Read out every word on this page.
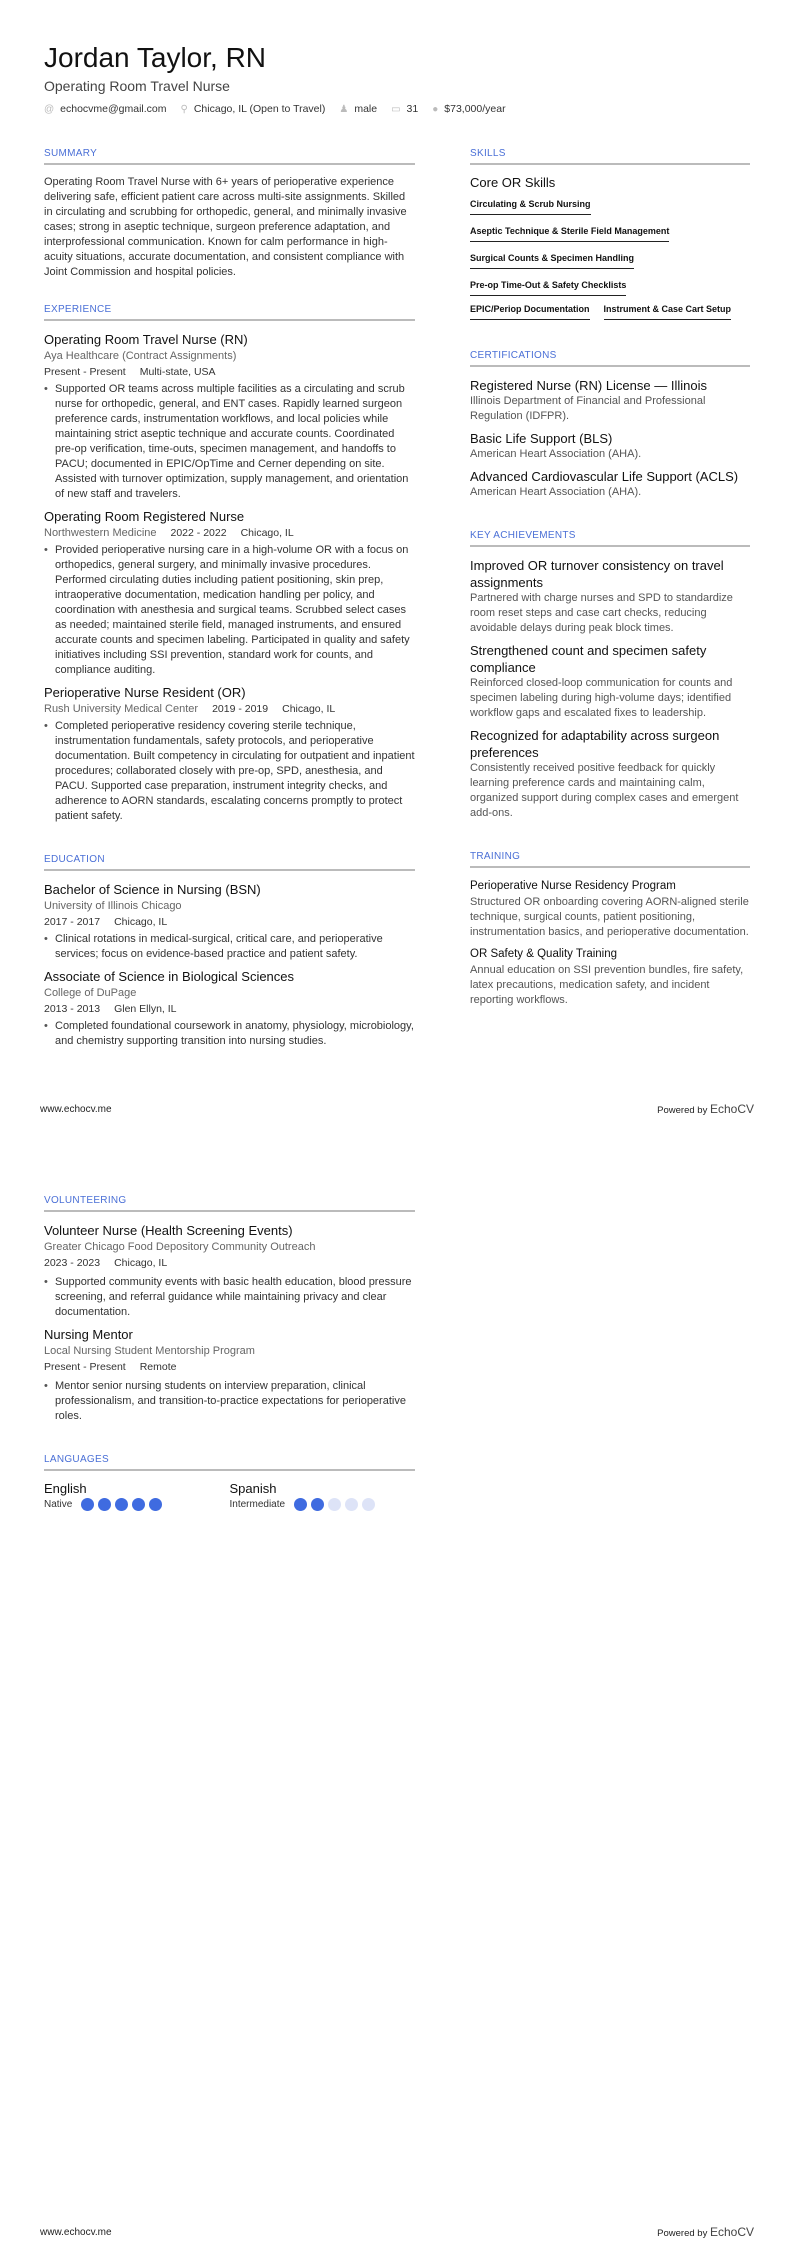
Jordan Taylor, RN
Operating Room Travel Nurse
@ echocvme@gmail.com ⚲ Chicago, IL (Open to Travel) ♟ male ▭ 31 ● $73,000/year
SUMMARY

Operating Room Travel Nurse with 6+ years of perioperative experience delivering safe, efficient patient care across multi-site assignments. Skilled in circulating and scrubbing for orthopedic, general, and minimally invasive cases; strong in aseptic technique, surgeon preference adaptation, and interprofessional communication. Known for calm performance in high-acuity situations, accurate documentation, and consistent compliance with Joint Commission and hospital policies.

EXPERIENCE
Operating Room Travel Nurse (RN)
Aya Healthcare (Contract Assignments)
Present - Present Multi-state, USA
• Supported OR teams across multiple facilities as a circulating and scrub nurse for orthopedic, general, and ENT cases. Rapidly learned surgeon preference cards, instrumentation workflows, and local policies while maintaining strict aseptic technique and accurate counts. Coordinated pre-op verification, time-outs, specimen management, and handoffs to PACU; documented in EPIC/OpTime and Cerner depending on site. Assisted with turnover optimization, supply management, and orientation of new staff and travelers.
Operating Room Registered Nurse
Northwestern Medicine 2022 - 2022 Chicago, IL
• Provided perioperative nursing care in a high-volume OR with a focus on orthopedics, general surgery, and minimally invasive procedures. Performed circulating duties including patient positioning, skin prep, intraoperative documentation, medication handling per policy, and coordination with anesthesia and surgical teams. Scrubbed select cases as needed; maintained sterile field, managed instruments, and ensured accurate counts and specimen labeling. Participated in quality and safety initiatives including SSI prevention, standard work for counts, and compliance auditing.
Perioperative Nurse Resident (OR)
Rush University Medical Center 2019 - 2019 Chicago, IL
• Completed perioperative residency covering sterile technique, instrumentation fundamentals, safety protocols, and perioperative documentation. Built competency in circulating for outpatient and inpatient procedures; collaborated closely with pre-op, SPD, anesthesia, and PACU. Supported case preparation, instrument integrity checks, and adherence to AORN standards, escalating concerns promptly to protect patient safety.
EDUCATION
Bachelor of Science in Nursing (BSN)
University of Illinois Chicago
2017 - 2017 Chicago, IL
• Clinical rotations in medical-surgical, critical care, and perioperative services; focus on evidence-based practice and patient safety.
Associate of Science in Biological Sciences
College of DuPage
2013 - 2013 Glen Ellyn, IL
• Completed foundational coursework in anatomy, physiology, microbiology, and chemistry supporting transition into nursing studies.
SKILLS
Core OR Skills
Circulating & Scrub Nursing
Aseptic Technique & Sterile Field Management
Surgical Counts & Specimen Handling
Pre-op Time-Out & Safety Checklists
EPIC/Periop Documentation Instrument & Case Cart Setup
CERTIFICATIONS
Registered Nurse (RN) License — Illinois
Illinois Department of Financial and Professional Regulation (IDFPR).
Basic Life Support (BLS)
American Heart Association (AHA).
Advanced Cardiovascular Life Support (ACLS)
American Heart Association (AHA).
KEY ACHIEVEMENTS
Improved OR turnover consistency on travel assignments
Partnered with charge nurses and SPD to standardize room reset steps and case cart checks, reducing avoidable delays during peak block times.
Strengthened count and specimen safety compliance
Reinforced closed-loop communication for counts and specimen labeling during high-volume days; identified workflow gaps and escalated fixes to leadership.
Recognized for adaptability across surgeon preferences
Consistently received positive feedback for quickly learning preference cards and maintaining calm, organized support during complex cases and emergent add-ons.
TRAINING
Perioperative Nurse Residency Program
Structured OR onboarding covering AORN-aligned sterile technique, surgical counts, patient positioning, instrumentation basics, and perioperative documentation.
OR Safety & Quality Training
Annual education on SSI prevention bundles, fire safety, latex precautions, medication safety, and incident reporting workflows.
www.echocv.me	Powered by EchoCV
VOLUNTEERING
Volunteer Nurse (Health Screening Events)
Greater Chicago Food Depository Community Outreach
2023 - 2023 Chicago, IL
• Supported community events with basic health education, blood pressure screening, and referral guidance while maintaining privacy and clear documentation.
Nursing Mentor
Local Nursing Student Mentorship Program
Present - Present Remote
• Mentor senior nursing students on interview preparation, clinical professionalism, and transition-to-practice expectations for perioperative roles.
LANGUAGES
English
Native
Spanish
Intermediate
www.echocv.me	Powered by EchoCV
